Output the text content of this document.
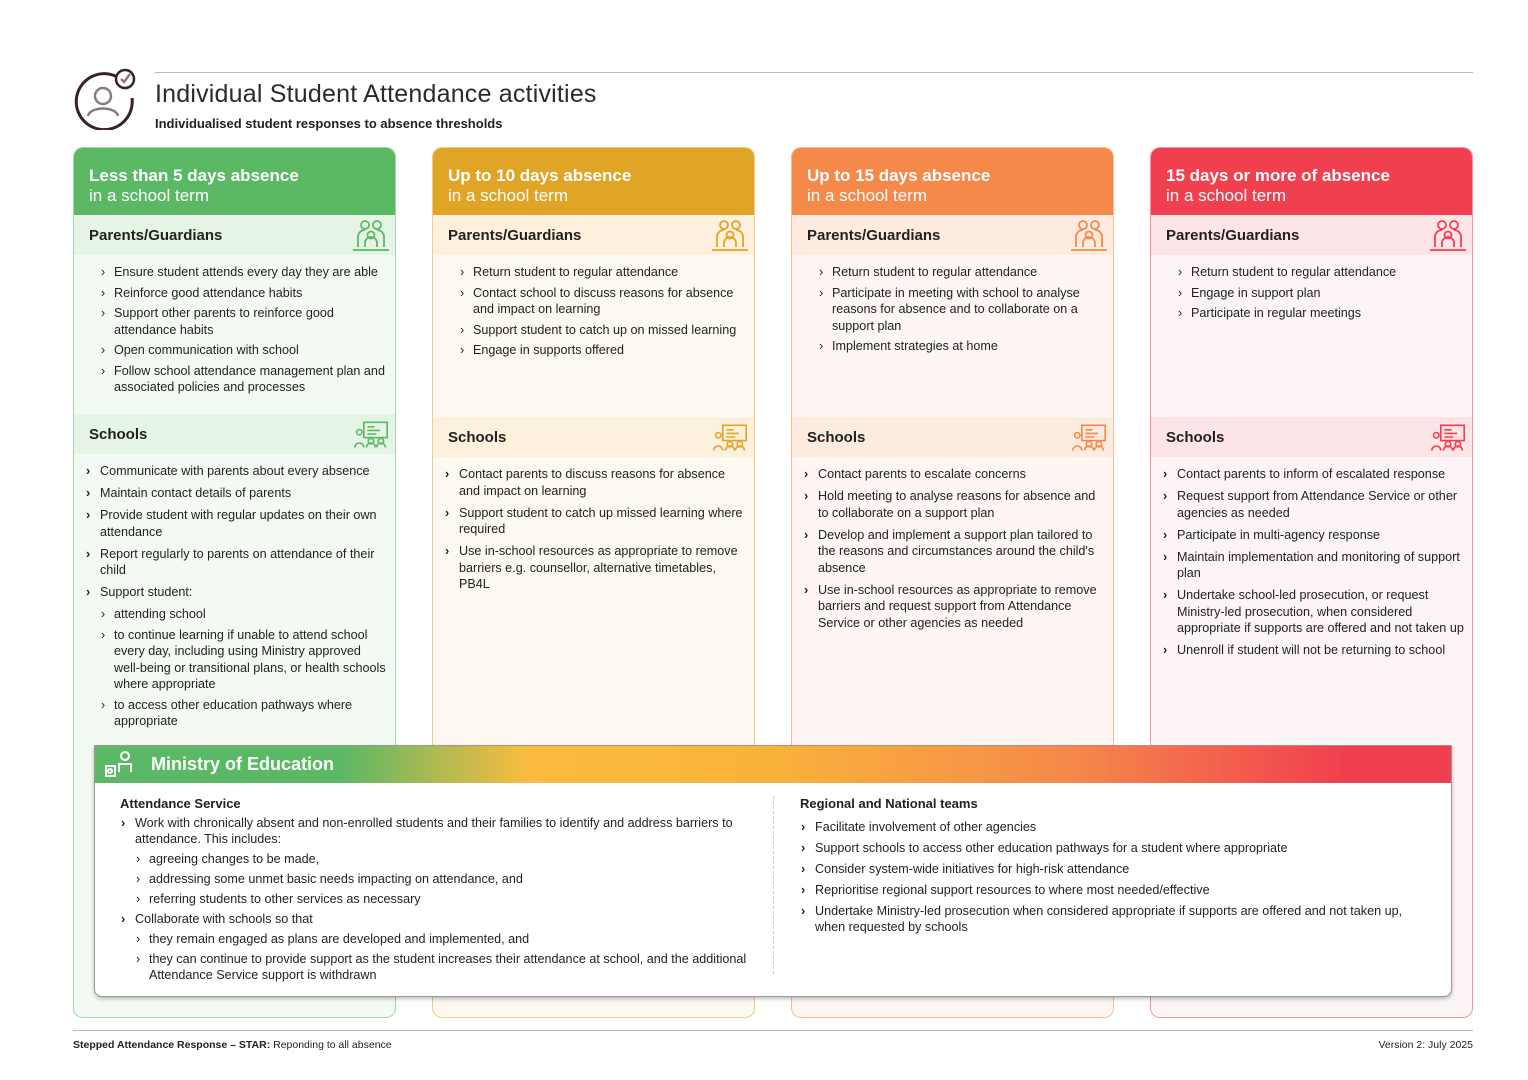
Individual Student Attendance activities
Individualised student responses to absence thresholds
Less than 5 days absence
in a school term
Parents/Guardians
› Ensure student attends every day they are able
› Reinforce good attendance habits
› Support other parents to reinforce good attendance habits
› Open communication with school
› Follow school attendance management plan and associated policies and processes
Schools
› Communicate with parents about every absence
› Maintain contact details of parents
› Provide student with regular updates on their own attendance
› Report regularly to parents on attendance of their child
› Support student:
› attending school
› to continue learning if unable to attend school every day, including using Ministry approved well-being or transitional plans, or health schools where appropriate
› to access other education pathways where appropriate
Up to 10 days absence
in a school term
Parents/Guardians
› Return student to regular attendance
› Contact school to discuss reasons for absence and impact on learning
› Support student to catch up on missed learning
› Engage in supports offered
Schools
› Contact parents to discuss reasons for absence and impact on learning
› Support student to catch up missed learning where required
› Use in-school resources as appropriate to remove barriers e.g. counsellor, alternative timetables, PB4L
Up to 15 days absence
in a school term
Parents/Guardians
› Return student to regular attendance
› Participate in meeting with school to analyse reasons for absence and to collaborate on a support plan
› Implement strategies at home
Schools
› Contact parents to escalate concerns
› Hold meeting to analyse reasons for absence and to collaborate on a support plan
› Develop and implement a support plan tailored to the reasons and circumstances around the child's absence
› Use in-school resources as appropriate to remove barriers and request support from Attendance Service or other agencies as needed
15 days or more of absence
in a school term
Parents/Guardians
› Return student to regular attendance
› Engage in support plan
› Participate in regular meetings
Schools
› Contact parents to inform of escalated response
› Request support from Attendance Service or other agencies as needed
› Participate in multi-agency response
› Maintain implementation and monitoring of support plan
› Undertake school-led prosecution, or request Ministry-led prosecution, when considered appropriate if supports are offered and not taken up
› Unenroll if student will not be returning to school
Ministry of Education
Attendance Service
› Work with chronically absent and non-enrolled students and their families to identify and address barriers to attendance. This includes:
› agreeing changes to be made,
› addressing some unmet basic needs impacting on attendance, and
› referring students to other services as necessary
› Collaborate with schools so that
› they remain engaged as plans are developed and implemented, and
› they can continue to provide support as the student increases their attendance at school, and the additional Attendance Service support is withdrawn
Regional and National teams
› Facilitate involvement of other agencies
› Support schools to access other education pathways for a student where appropriate
› Consider system-wide initiatives for high-risk attendance
› Reprioritise regional support resources to where most needed/effective
› Undertake Ministry-led prosecution when considered appropriate if supports are offered and not taken up, when requested by schools
Stepped Attendance Response – STAR: Reponding to all absence	Version 2: July 2025
